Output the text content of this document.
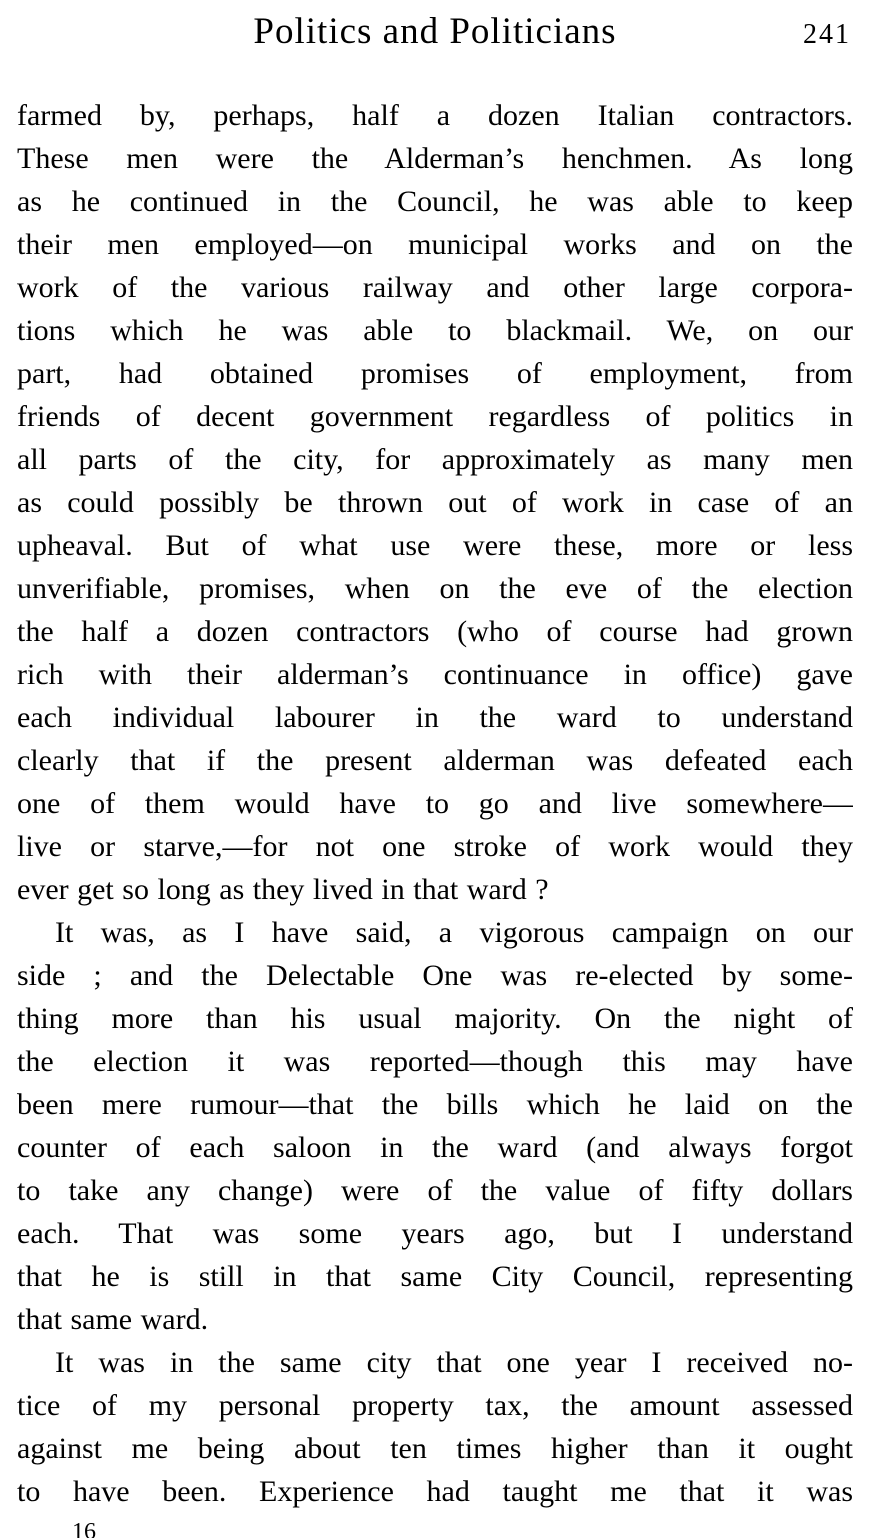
Politics and Politicians	241
farmed by, perhaps, half a dozen Italian contractors.
These men were the Alderman’s henchmen. As long
as he continued in the Council, he was able to keep
their men employed—on municipal works and on the
work of the various railway and other large corpora-
tions which he was able to blackmail. We, on our
part, had obtained promises of employment, from
friends of decent government regardless of politics in
all parts of the city, for approximately as many men
as could possibly be thrown out of work in case of an
upheaval. But of what use were these, more or less
unverifiable, promises, when on the eve of the election
the half a dozen contractors (who of course had grown
rich with their alderman’s continuance in office) gave
each individual labourer in the ward to understand
clearly that if the present alderman was defeated each
one of them would have to go and live somewhere—
live or starve,—for not one stroke of work would they
ever get so long as they lived in that ward ?
It was, as I have said, a vigorous campaign on our
side ; and the Delectable One was re-elected by some-
thing more than his usual majority. On the night of
the election it was reported—though this may have
been mere rumour—that the bills which he laid on the
counter of each saloon in the ward (and always forgot
to take any change) were of the value of fifty dollars
each. That was some years ago, but I understand
that he is still in that same City Council, representing
that same ward.
It was in the same city that one year I received no-
tice of my personal property tax, the amount assessed
against me being about ten times higher than it ought
to have been. Experience had taught me that it was
16
